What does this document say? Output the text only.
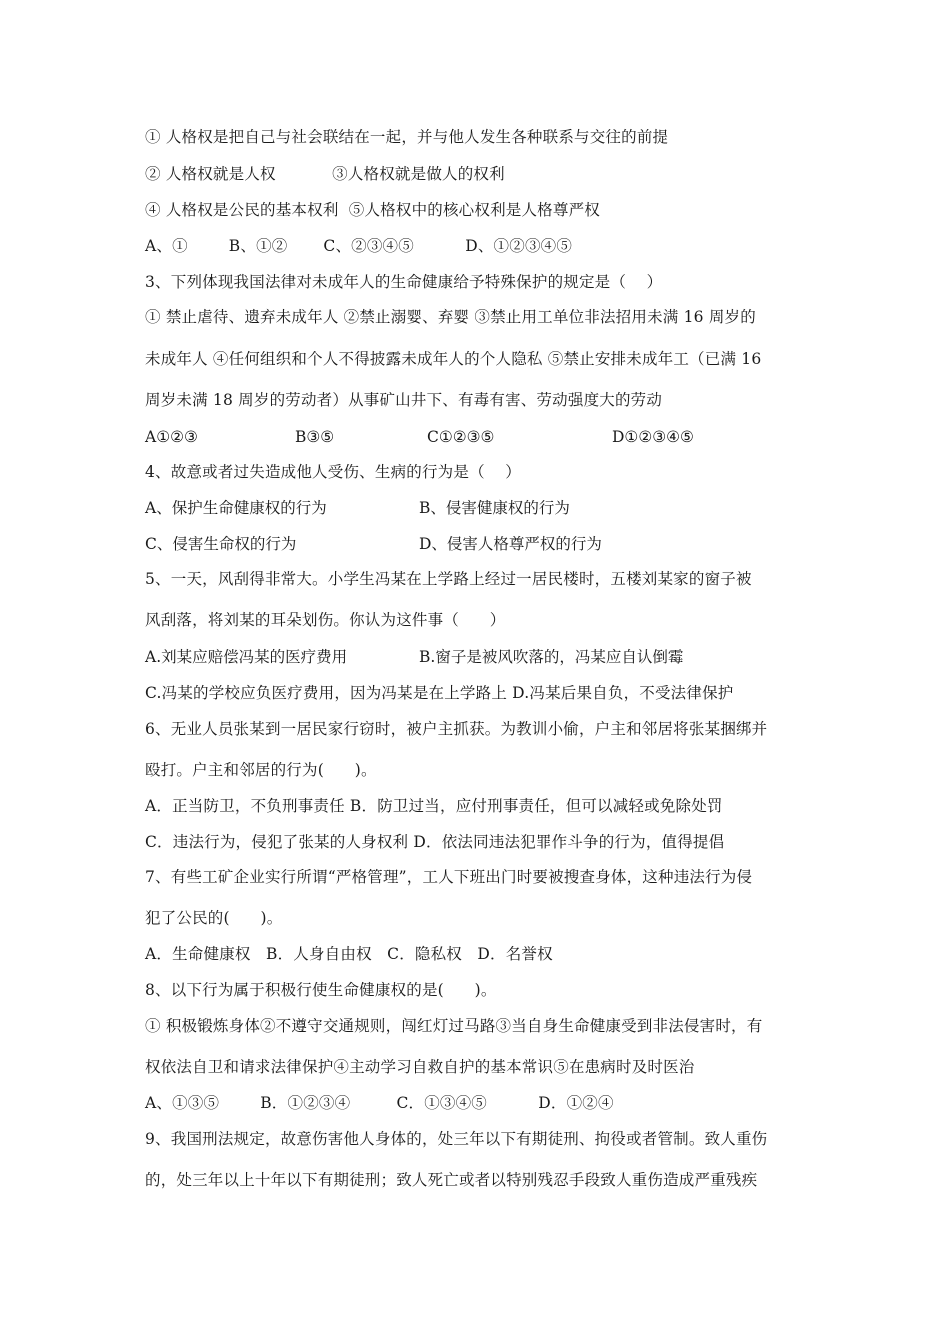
① 人格权是把自己与社会联结在一起，并与他人发生各种联系与交往的前提
② 人格权就是人权           ③人格权就是做人的权利
④ 人格权是公民的基本权利  ⑤人格权中的核心权利是人格尊严权
A、①        B、①②       C、②③④⑤          D、①②③④⑤
3、下列体现我国法律对未成年人的生命健康给予特殊保护的规定是（    ）
① 禁止虐待、遗弃未成年人 ②禁止溺婴、弃婴 ③禁止用工单位非法招用未满 16 周岁的
未成年人 ④任何组织和个人不得披露未成年人的个人隐私 ⑤禁止安排未成年工（已满 16
周岁未满 18 周岁的劳动者）从事矿山井下、有毒有害、劳动强度大的劳动

A①②③

	B③⑤

	C①②③⑤

	D①②③④⑤

4、故意或者过失造成他人受伤、生病的行为是（    ）

A、保护生命健康权的行为

	B、侵害健康权的行为

C、侵害生命权的行为

	D、侵害人格尊严权的行为

5、一天，风刮得非常大。小学生冯某在上学路上经过一居民楼时，五楼刘某家的窗子被
风刮落，将刘某的耳朵划伤。你认为这件事（      ）

A.刘某应赔偿冯某的医疗费用

	B.窗子是被风吹落的，冯某应自认倒霉

C.冯某的学校应负医疗费用，因为冯某是在上学路上 D.冯某后果自负，不受法律保护
6、无业人员张某到一居民家行窃时，被户主抓获。为教训小偷，户主和邻居将张某捆绑并
殴打。户主和邻居的行为(      )。
A．正当防卫，不负刑事责任 B．防卫过当，应付刑事责任，但可以减轻或免除处罚
C．违法行为，侵犯了张某的人身权利 D．依法同违法犯罪作斗争的行为，值得提倡
7、有些工矿企业实行所谓“严格管理”，工人下班出门时要被搜查身体，这种违法行为侵
犯了公民的(      )。
A．生命健康权   B．人身自由权   C．隐私权   D．名誉权
8、以下行为属于积极行使生命健康权的是(      )。
① 积极锻炼身体②不遵守交通规则，闯红灯过马路③当自身生命健康受到非法侵害时，有
权依法自卫和请求法律保护④主动学习自救自护的基本常识⑤在患病时及时医治
A、①③⑤        B．①②③④         C．①③④⑤          D．①②④
9、我国刑法规定，故意伤害他人身体的，处三年以下有期徒刑、拘役或者管制。致人重伤
的，处三年以上十年以下有期徒刑；致人死亡或者以特别残忍手段致人重伤造成严重残疾
